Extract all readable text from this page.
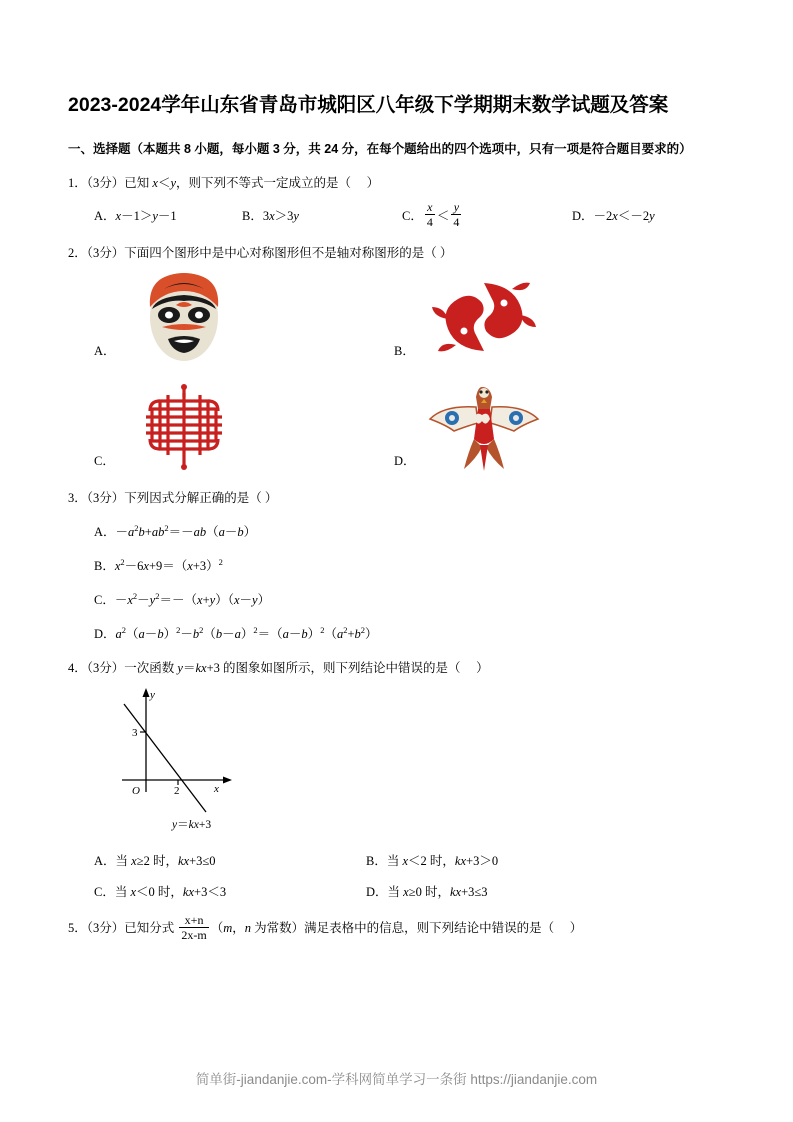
2023-2024学年山东省青岛市城阳区八年级下学期期末数学试题及答案
一、选择题（本题共 8 小题，每小题 3 分，共 24 分，在每个题给出的四个选项中，只有一项是符合题目要求的）
1．（3分）已知 x＜y，则下列不等式一定成立的是（     ）
A． x －1＞ y －1	B．3 x ＞3 y	C． $\frac{x}{4} < \frac{y}{4}$	D．－2 x ＜－2 y
2．（3分）下面四个图形中是中心对称图形但不是轴对称图形的是（ ）
A．	B．
C．	D．
3．（3分）下列因式分解正确的是（ ）
A．$-a^2b+ab^2=-ab(a-b)$
B．$x^2-6x+9=(x+3)^2$
C．$-x^2-y^2=-(x+y)(x-y)$
D．$a^2(a-b)^2-b^2(b-a)^2=(a-b)^2(a^2+b^2)$
4．（3分）一次函数 y＝kx+3 的图象如图所示，则下列结论中错误的是（     ）
y
x
3
O	2
y＝kx+3
A．当 x≥2 时，kx+3≤0	B．当 x＜2 时，kx+3＞0
C．当 x＜0 时，kx+3＜3	D．当 x≥0 时，kx+3≤3
5．（3分）已知分式 $\frac{x+n}{2x-m} (m$，n 为常数）满足表格中的信息，则下列结论中错误的是（     ）
简单街-jiandanjie.com-学科网简单学习一条街 https://jiandanjie.com
